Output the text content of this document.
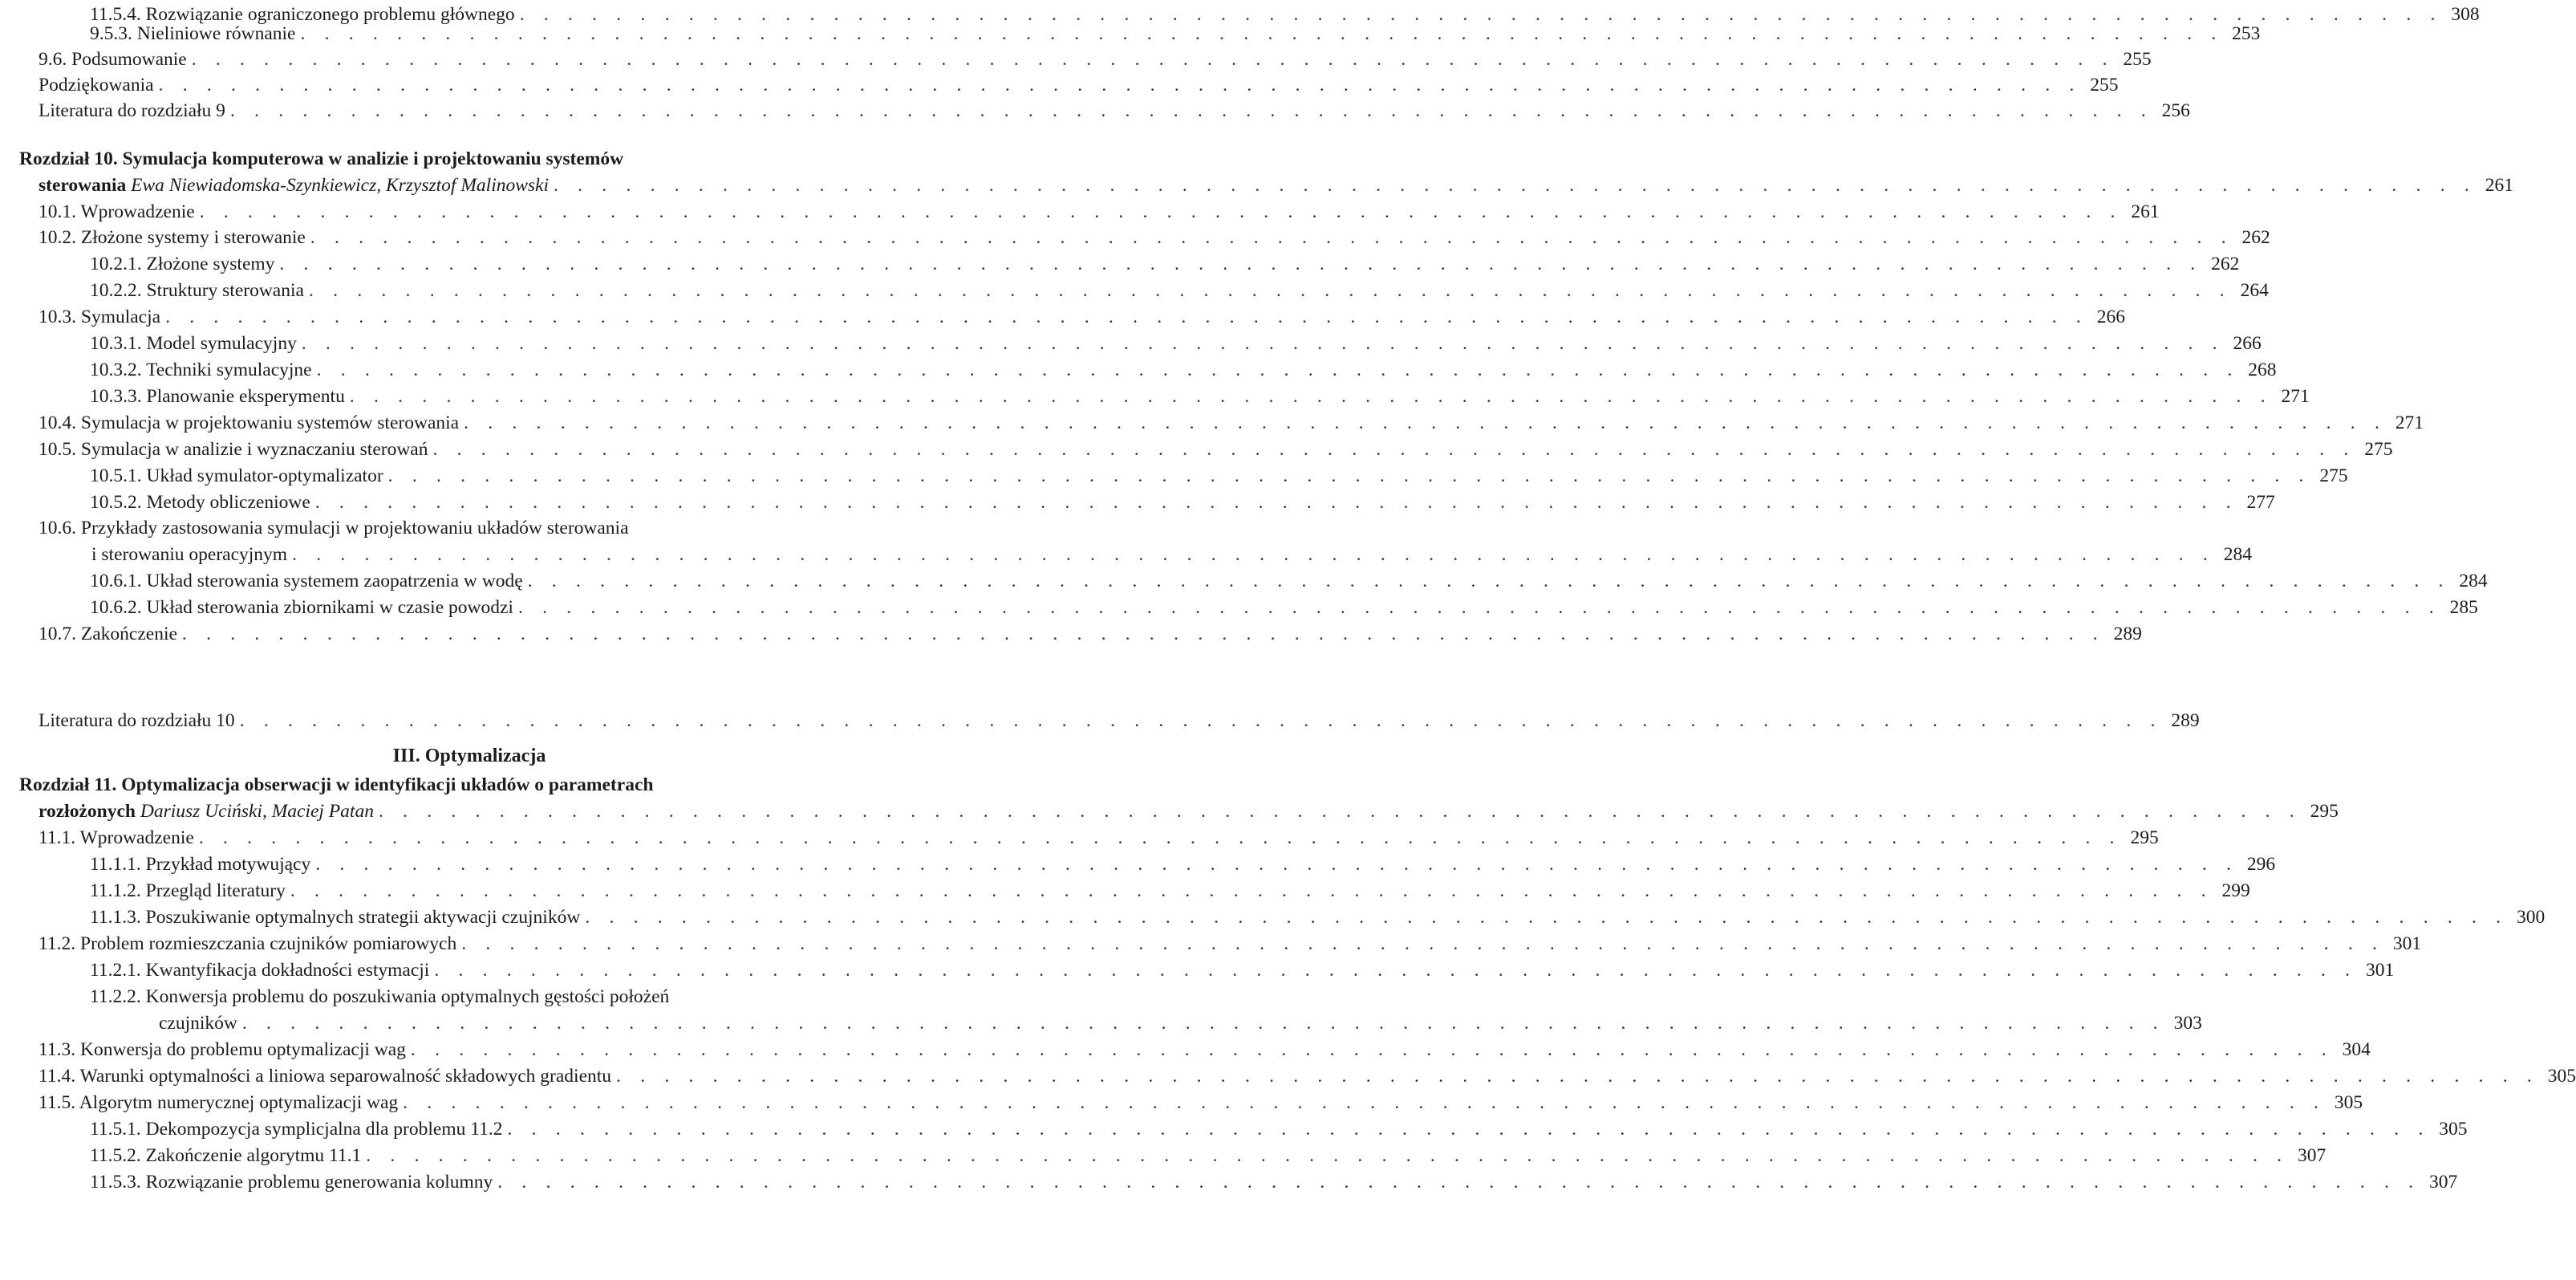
9.5.3. Nieliniowe równanie . . . . . . . . . . . . . . . . . . . . . . . . . . . . . . . . . . . . . . . . . . . . . . . . . . . . . . . . . . . . . . . . . . . . . . . . . . . . . . . . 253
9.6. Podsumowanie . . . . . . . . . . . . . . . . . . . . . . . . . . . . . . . . . . . . . . . . . . . . . . . . . . . . . . . . . . . . . . . . . . . . . . . . . . . . . . . . 255
Podziękowania . . . . . . . . . . . . . . . . . . . . . . . . . . . . . . . . . . . . . . . . . . . . . . . . . . . . . . . . . . . . . . . . . . . . . . . . . . . . . . . . 255
Literatura do rozdziału 9 . . . . . . . . . . . . . . . . . . . . . . . . . . . . . . . . . . . . . . . . . . . . . . . . . . . . . . . . . . . . . . . . . . . . . . . . . . . . . . . . 256
Rozdział 10. Symulacja komputerowa w analizie i projektowaniu systemów
sterowania Ewa Niewiadomska-Szynkiewicz, Krzysztof Malinowski . . . . . . . . . . . . . . . . . . . . . . . . . . . . . . . . . . . . . . . . . . . . . . . . . . . . . . . . . . . . . . . . . . . . . . . . . . . . . . . . 261
10.1. Wprowadzenie . . . . . . . . . . . . . . . . . . . . . . . . . . . . . . . . . . . . . . . . . . . . . . . . . . . . . . . . . . . . . . . . . . . . . . . . . . . . . . . . 261
10.2. Złożone systemy i sterowanie . . . . . . . . . . . . . . . . . . . . . . . . . . . . . . . . . . . . . . . . . . . . . . . . . . . . . . . . . . . . . . . . . . . . . . . . . . . . . . . . 262
10.2.1. Złożone systemy . . . . . . . . . . . . . . . . . . . . . . . . . . . . . . . . . . . . . . . . . . . . . . . . . . . . . . . . . . . . . . . . . . . . . . . . . . . . . . . . 262
10.2.2. Struktury sterowania . . . . . . . . . . . . . . . . . . . . . . . . . . . . . . . . . . . . . . . . . . . . . . . . . . . . . . . . . . . . . . . . . . . . . . . . . . . . . . . . 264
10.3. Symulacja . . . . . . . . . . . . . . . . . . . . . . . . . . . . . . . . . . . . . . . . . . . . . . . . . . . . . . . . . . . . . . . . . . . . . . . . . . . . . . . . 266
10.3.1. Model symulacyjny . . . . . . . . . . . . . . . . . . . . . . . . . . . . . . . . . . . . . . . . . . . . . . . . . . . . . . . . . . . . . . . . . . . . . . . . . . . . . . . . 266
10.3.2. Techniki symulacyjne . . . . . . . . . . . . . . . . . . . . . . . . . . . . . . . . . . . . . . . . . . . . . . . . . . . . . . . . . . . . . . . . . . . . . . . . . . . . . . . . 268
10.3.3. Planowanie eksperymentu . . . . . . . . . . . . . . . . . . . . . . . . . . . . . . . . . . . . . . . . . . . . . . . . . . . . . . . . . . . . . . . . . . . . . . . . . . . . . . . . 271
10.4. Symulacja w projektowaniu systemów sterowania . . . . . . . . . . . . . . . . . . . . . . . . . . . . . . . . . . . . . . . . . . . . . . . . . . . . . . . . . . . . . . . . . . . . . . . . . . . . . . . . 271
10.5. Symulacja w analizie i wyznaczaniu sterowań . . . . . . . . . . . . . . . . . . . . . . . . . . . . . . . . . . . . . . . . . . . . . . . . . . . . . . . . . . . . . . . . . . . . . . . . . . . . . . . . 275
10.5.1. Układ symulator-optymalizator . . . . . . . . . . . . . . . . . . . . . . . . . . . . . . . . . . . . . . . . . . . . . . . . . . . . . . . . . . . . . . . . . . . . . . . . . . . . . . . . 275
10.5.2. Metody obliczeniowe . . . . . . . . . . . . . . . . . . . . . . . . . . . . . . . . . . . . . . . . . . . . . . . . . . . . . . . . . . . . . . . . . . . . . . . . . . . . . . . . 277
10.6. Przykłady zastosowania symulacji w projektowaniu układów sterowania
i sterowaniu operacyjnym . . . . . . . . . . . . . . . . . . . . . . . . . . . . . . . . . . . . . . . . . . . . . . . . . . . . . . . . . . . . . . . . . . . . . . . . . . . . . . . . 284
10.6.1. Układ sterowania systemem zaopatrzenia w wodę . . . . . . . . . . . . . . . . . . . . . . . . . . . . . . . . . . . . . . . . . . . . . . . . . . . . . . . . . . . . . . . . . . . . . . . . . . . . . . . . 284
10.6.2. Układ sterowania zbiornikami w czasie powodzi . . . . . . . . . . . . . . . . . . . . . . . . . . . . . . . . . . . . . . . . . . . . . . . . . . . . . . . . . . . . . . . . . . . . . . . . . . . . . . . . 285
10.7. Zakończenie . . . . . . . . . . . . . . . . . . . . . . . . . . . . . . . . . . . . . . . . . . . . . . . . . . . . . . . . . . . . . . . . . . . . . . . . . . . . . . . . 289
Literatura do rozdziału 10 . . . . . . . . . . . . . . . . . . . . . . . . . . . . . . . . . . . . . . . . . . . . . . . . . . . . . . . . . . . . . . . . . . . . . . . . . . . . . . . . 289
III. Optymalizacja
Rozdział 11. Optymalizacja obserwacji w identyfikacji układów o parametrach
rozłożonych Dariusz Uciński, Maciej Patan . . . . . . . . . . . . . . . . . . . . . . . . . . . . . . . . . . . . . . . . . . . . . . . . . . . . . . . . . . . . . . . . . . . . . . . . . . . . . . . . 295
11.1. Wprowadzenie . . . . . . . . . . . . . . . . . . . . . . . . . . . . . . . . . . . . . . . . . . . . . . . . . . . . . . . . . . . . . . . . . . . . . . . . . . . . . . . . 295
11.1.1. Przykład motywujący . . . . . . . . . . . . . . . . . . . . . . . . . . . . . . . . . . . . . . . . . . . . . . . . . . . . . . . . . . . . . . . . . . . . . . . . . . . . . . . . 296
11.1.2. Przegląd literatury . . . . . . . . . . . . . . . . . . . . . . . . . . . . . . . . . . . . . . . . . . . . . . . . . . . . . . . . . . . . . . . . . . . . . . . . . . . . . . . . 299
11.1.3. Poszukiwanie optymalnych strategii aktywacji czujników . . . . . . . . . . . . . . . . . . . . . . . . . . . . . . . . . . . . . . . . . . . . . . . . . . . . . . . . . . . . . . . . . . . . . . . . . . . . . . . . 300
11.2. Problem rozmieszczania czujników pomiarowych . . . . . . . . . . . . . . . . . . . . . . . . . . . . . . . . . . . . . . . . . . . . . . . . . . . . . . . . . . . . . . . . . . . . . . . . . . . . . . . . 301
11.2.1. Kwantyfikacja dokładności estymacji . . . . . . . . . . . . . . . . . . . . . . . . . . . . . . . . . . . . . . . . . . . . . . . . . . . . . . . . . . . . . . . . . . . . . . . . . . . . . . . . 301
11.2.2. Konwersja problemu do poszukiwania optymalnych gęstości położeń
czujników . . . . . . . . . . . . . . . . . . . . . . . . . . . . . . . . . . . . . . . . . . . . . . . . . . . . . . . . . . . . . . . . . . . . . . . . . . . . . . . . 303
11.3. Konwersja do problemu optymalizacji wag . . . . . . . . . . . . . . . . . . . . . . . . . . . . . . . . . . . . . . . . . . . . . . . . . . . . . . . . . . . . . . . . . . . . . . . . . . . . . . . . 304
11.4. Warunki optymalności a liniowa separowalność składowych gradientu . . . . . . . . . . . . . . . . . . . . . . . . . . . . . . . . . . . . . . . . . . . . . . . . . . . . . . . . . . . . . . . . . . . . . . . . . . . . . . . . 305
11.5. Algorytm numerycznej optymalizacji wag . . . . . . . . . . . . . . . . . . . . . . . . . . . . . . . . . . . . . . . . . . . . . . . . . . . . . . . . . . . . . . . . . . . . . . . . . . . . . . . . 305
11.5.1. Dekompozycja symplicjalna dla problemu 11.2 . . . . . . . . . . . . . . . . . . . . . . . . . . . . . . . . . . . . . . . . . . . . . . . . . . . . . . . . . . . . . . . . . . . . . . . . . . . . . . . . 305
11.5.2. Zakończenie algorytmu 11.1 . . . . . . . . . . . . . . . . . . . . . . . . . . . . . . . . . . . . . . . . . . . . . . . . . . . . . . . . . . . . . . . . . . . . . . . . . . . . . . . . 307
11.5.3. Rozwiązanie problemu generowania kolumny . . . . . . . . . . . . . . . . . . . . . . . . . . . . . . . . . . . . . . . . . . . . . . . . . . . . . . . . . . . . . . . . . . . . . . . . . . . . . . . . 307
11.5.4. Rozwiązanie ograniczonego problemu głównego . . . . . . . . . . . . . . . . . . . . . . . . . . . . . . . . . . . . . . . . . . . . . . . . . . . . . . . . . . . . . . . . . . . . . . . . . . . . . . . . 308
